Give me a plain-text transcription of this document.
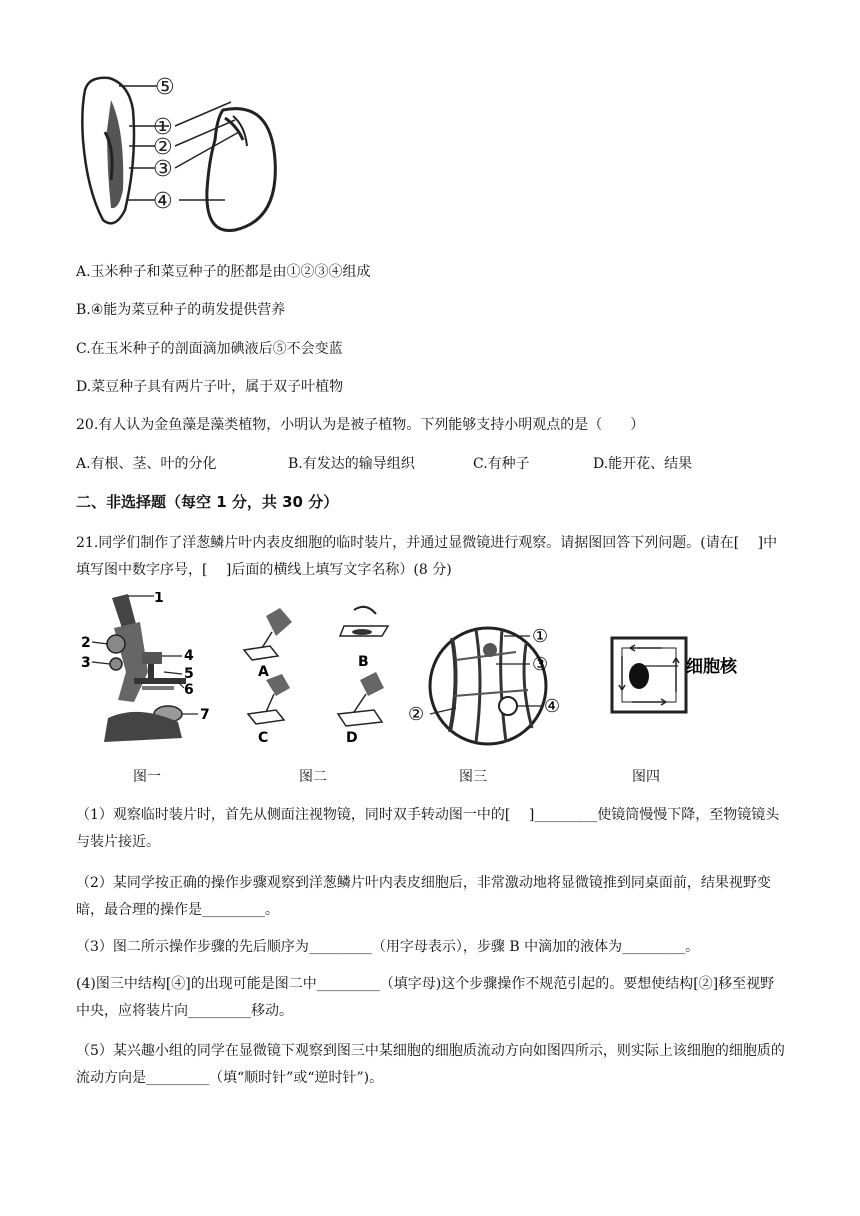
⑤
①
②
③
④
A.玉米种子和菜豆种子的胚都是由①②③④组成
B.④能为菜豆种子的萌发提供营养
C.在玉米种子的剖面滴加碘液后⑤不会变蓝
D.菜豆种子具有两片子叶，属于双子叶植物
20.有人认为金鱼藻是藻类植物，小明认为是被子植物。下列能够支持小明观点的是（　　）
A.有根、茎、叶的分化	B.有发达的输导组织	C.有种子	D.能开花、结果
二、非选择题（每空 1 分，共 30 分）
21.同学们制作了洋葱鳞片叶内表皮细胞的临时装片，并通过显微镜进行观察。请据图回答下列问题。(请在[　 ]中填写图中数字序号，[　 ]后面的横线上填写文字名称）(8 分)
1
2
3	4
5
6
7
A
B
C	D
①
③
②	④
细胞核
图一	图二	图三	图四
（1）观察临时装片时，首先从侧面注视物镜，同时双手转动图一中的[　 ]_________使镜筒慢慢下降，至物镜镜头与装片接近。
（2）某同学按正确的操作步骤观察到洋葱鳞片叶内表皮细胞后，非常激动地将显微镜推到同桌面前，结果视野变暗，最合理的操作是_________。
（3）图二所示操作步骤的先后顺序为_________（用字母表示），步骤 B 中滴加的液体为_________。
(4)图三中结构[④]的出现可能是图二中_________（填字母)这个步骤操作不规范引起的。要想使结构[②]移至视野中央，应将装片向_________移动。
（5）某兴趣小组的同学在显微镜下观察到图三中某细胞的细胞质流动方向如图四所示，则实际上该细胞的细胞质的流动方向是_________（填“顺时针”或“逆时针”)。
